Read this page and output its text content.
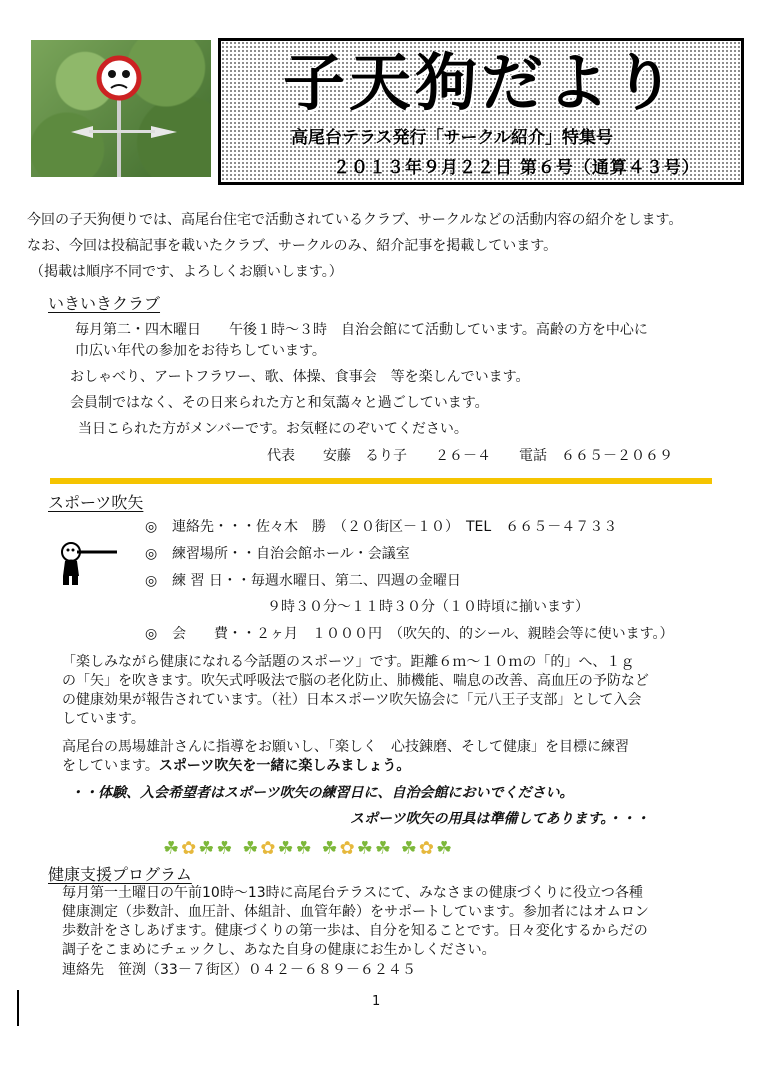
子天狗だより
高尾台テラス発行「サークル紹介」特集号
２０１３年９月２２日 第６号（通算４３号）
今回の子天狗便りでは、高尾台住宅で活動されているクラブ、サークルなどの活動内容の紹介をします。
なお、今回は投稿記事を載いたクラブ、サークルのみ、紹介記事を掲載しています。
（掲載は順序不同です、よろしくお願いします。）
いきいきクラブ
毎月第二・四木曜日　　午後１時～３時　自治会館にて活動しています。高齢の方を中心に
巾広い年代の参加をお待ちしています。
おしゃべり、アートフラワー、歌、体操、食事会　等を楽しんでいます。
会員制ではなく、その日来られた方と和気藹々と過ごしています。
当日こられた方がメンバーです。お気軽にのぞいてください。
代表　　安藤　るり子　　２６－４　　電話　６６５－２０６９
スポーツ吹矢
◎ 連絡先・・・佐々木　勝　（２０街区－１０）　TEL　６６５－４７３３
◎ 練習場所・・自治会館ホール・会議室
◎ 練 習 日・・毎週水曜日、第二、四週の金曜日
９時３０分～１１時３０分（１０時頃に揃います）
◎ 会　　費・・２ヶ月　１０００円　（吹矢的、的シール、親睦会等に使います。）
「楽しみながら健康になれる今話題のスポーツ」です。距離６ｍ～１０ｍの「的」へ、１ｇ
の「矢」を吹きます。吹矢式呼吸法で脳の老化防止、肺機能、喘息の改善、高血圧の予防など
の健康効果が報告されています。（社）日本スポーツ吹矢協会に「元八王子支部」として入会
しています。
高尾台の馬場雄計さんに指導をお願いし、「楽しく　心技錬磨、そして健康」を目標に練習
をしています。スポーツ吹矢を一緒に楽しみましょう。
・・体験、入会希望者はスポーツ吹矢の練習日に、自治会館においでください。
スポーツ吹矢の用具は準備してあります。・・・
☘✿☘☘ ☘✿☘☘ ☘✿☘☘ ☘✿☘
健康支援プログラム
毎月第一土曜日の午前10時～13時に高尾台テラスにて、みなさまの健康づくりに役立つ各種
健康測定（歩数計、血圧計、体組計、血管年齢）をサポートしています。参加者にはオムロン
歩数計をさしあげます。健康づくりの第一歩は、自分を知ることです。日々変化するからだの
調子をこまめにチェックし、あなた自身の健康にお生かしください。
連絡先　笹渕（33－７街区）０４２－６８９－６２４５
1
